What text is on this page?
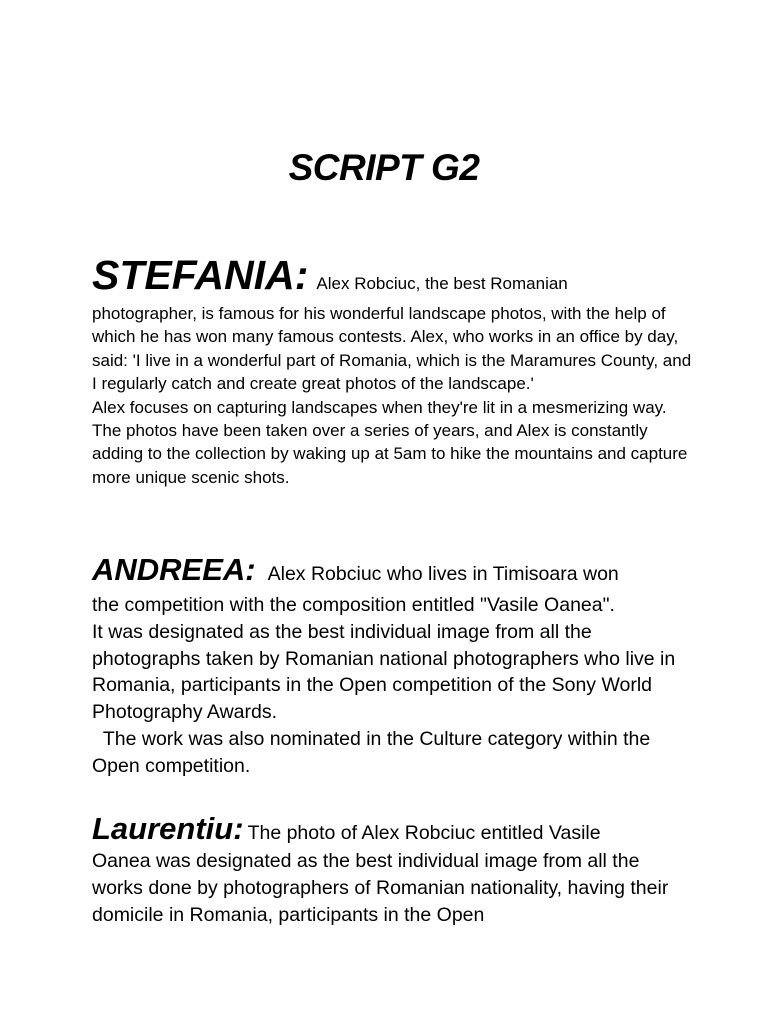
SCRIPT G2
STEFANIA: Alex Robciuc, the best Romanian

photographer, is famous for his wonderful landscape photos, with the help of which he has won many famous contests. Alex, who works in an office by day, said: 'I live in a wonderful part of Romania, which is the Maramures County, and I regularly catch and create great photos of the landscape.'

Alex focuses on capturing landscapes when they're lit in a mesmerizing way.

The photos have been taken over a series of years, and Alex is constantly adding to the collection by waking up at 5am to hike the mountains and capture more unique scenic shots.

ANDREEA: Alex Robciuc who lives in Timisoara won

the competition with the composition entitled "Vasile Oanea".

It was designated as the best individual image from all the photographs taken by Romanian national photographers who live in Romania, participants in the Open competition of the Sony World Photography Awards.

The work was also nominated in the Culture category within the Open competition.

Laurentiu: The photo of Alex Robciuc entitled Vasile

Oanea was designated as the best individual image from all the works done by photographers of Romanian nationality, having their domicile in Romania, participants in the Open
